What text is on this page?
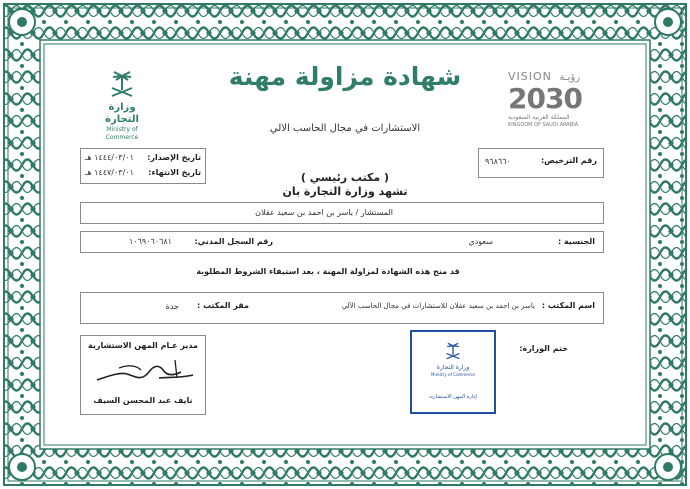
وزارة التجارة
Ministry of Commerce
VISION رؤيـة
2030
المملكة العربية السعودية
KINGDOM OF SAUDI ARABIA
شهادة مزاولة مهنة
الاستشارات في مجال الحاسب الالي
رقم الترخيص:
٩٦٨٦٦٠
تاريخ الإصدار:
١٤٤٤/٠٣/٠١ هـ
تاريخ الانتهاء:
١٤٤٧/٠٣/٠١ هـ	( مكتب رئيسي )
تشهد وزارة التجارة بان
المستشار / ياسر بن احمد بن سعيد عقلان
الجنسية :
سعودي
رقم السجل المدني:
١٠٦٩٠٦٠٦٨١
قد منح هذه الشهادة لمزاولة المهنة ، بعد استيفاء الشروط المطلوبة
اسم المكتب :
ياسر بن احمد بن سعيد عقلان للاستشارات في مجال الحاسب الآلي
مقر المكتب :
جدة
ختم الوزارة:
وزارة التجارة
Ministry of Commerce
إدارة المهن الاستشارية
مدير عـام المهن الاستشارية
نايف عبد المحسن السيف
